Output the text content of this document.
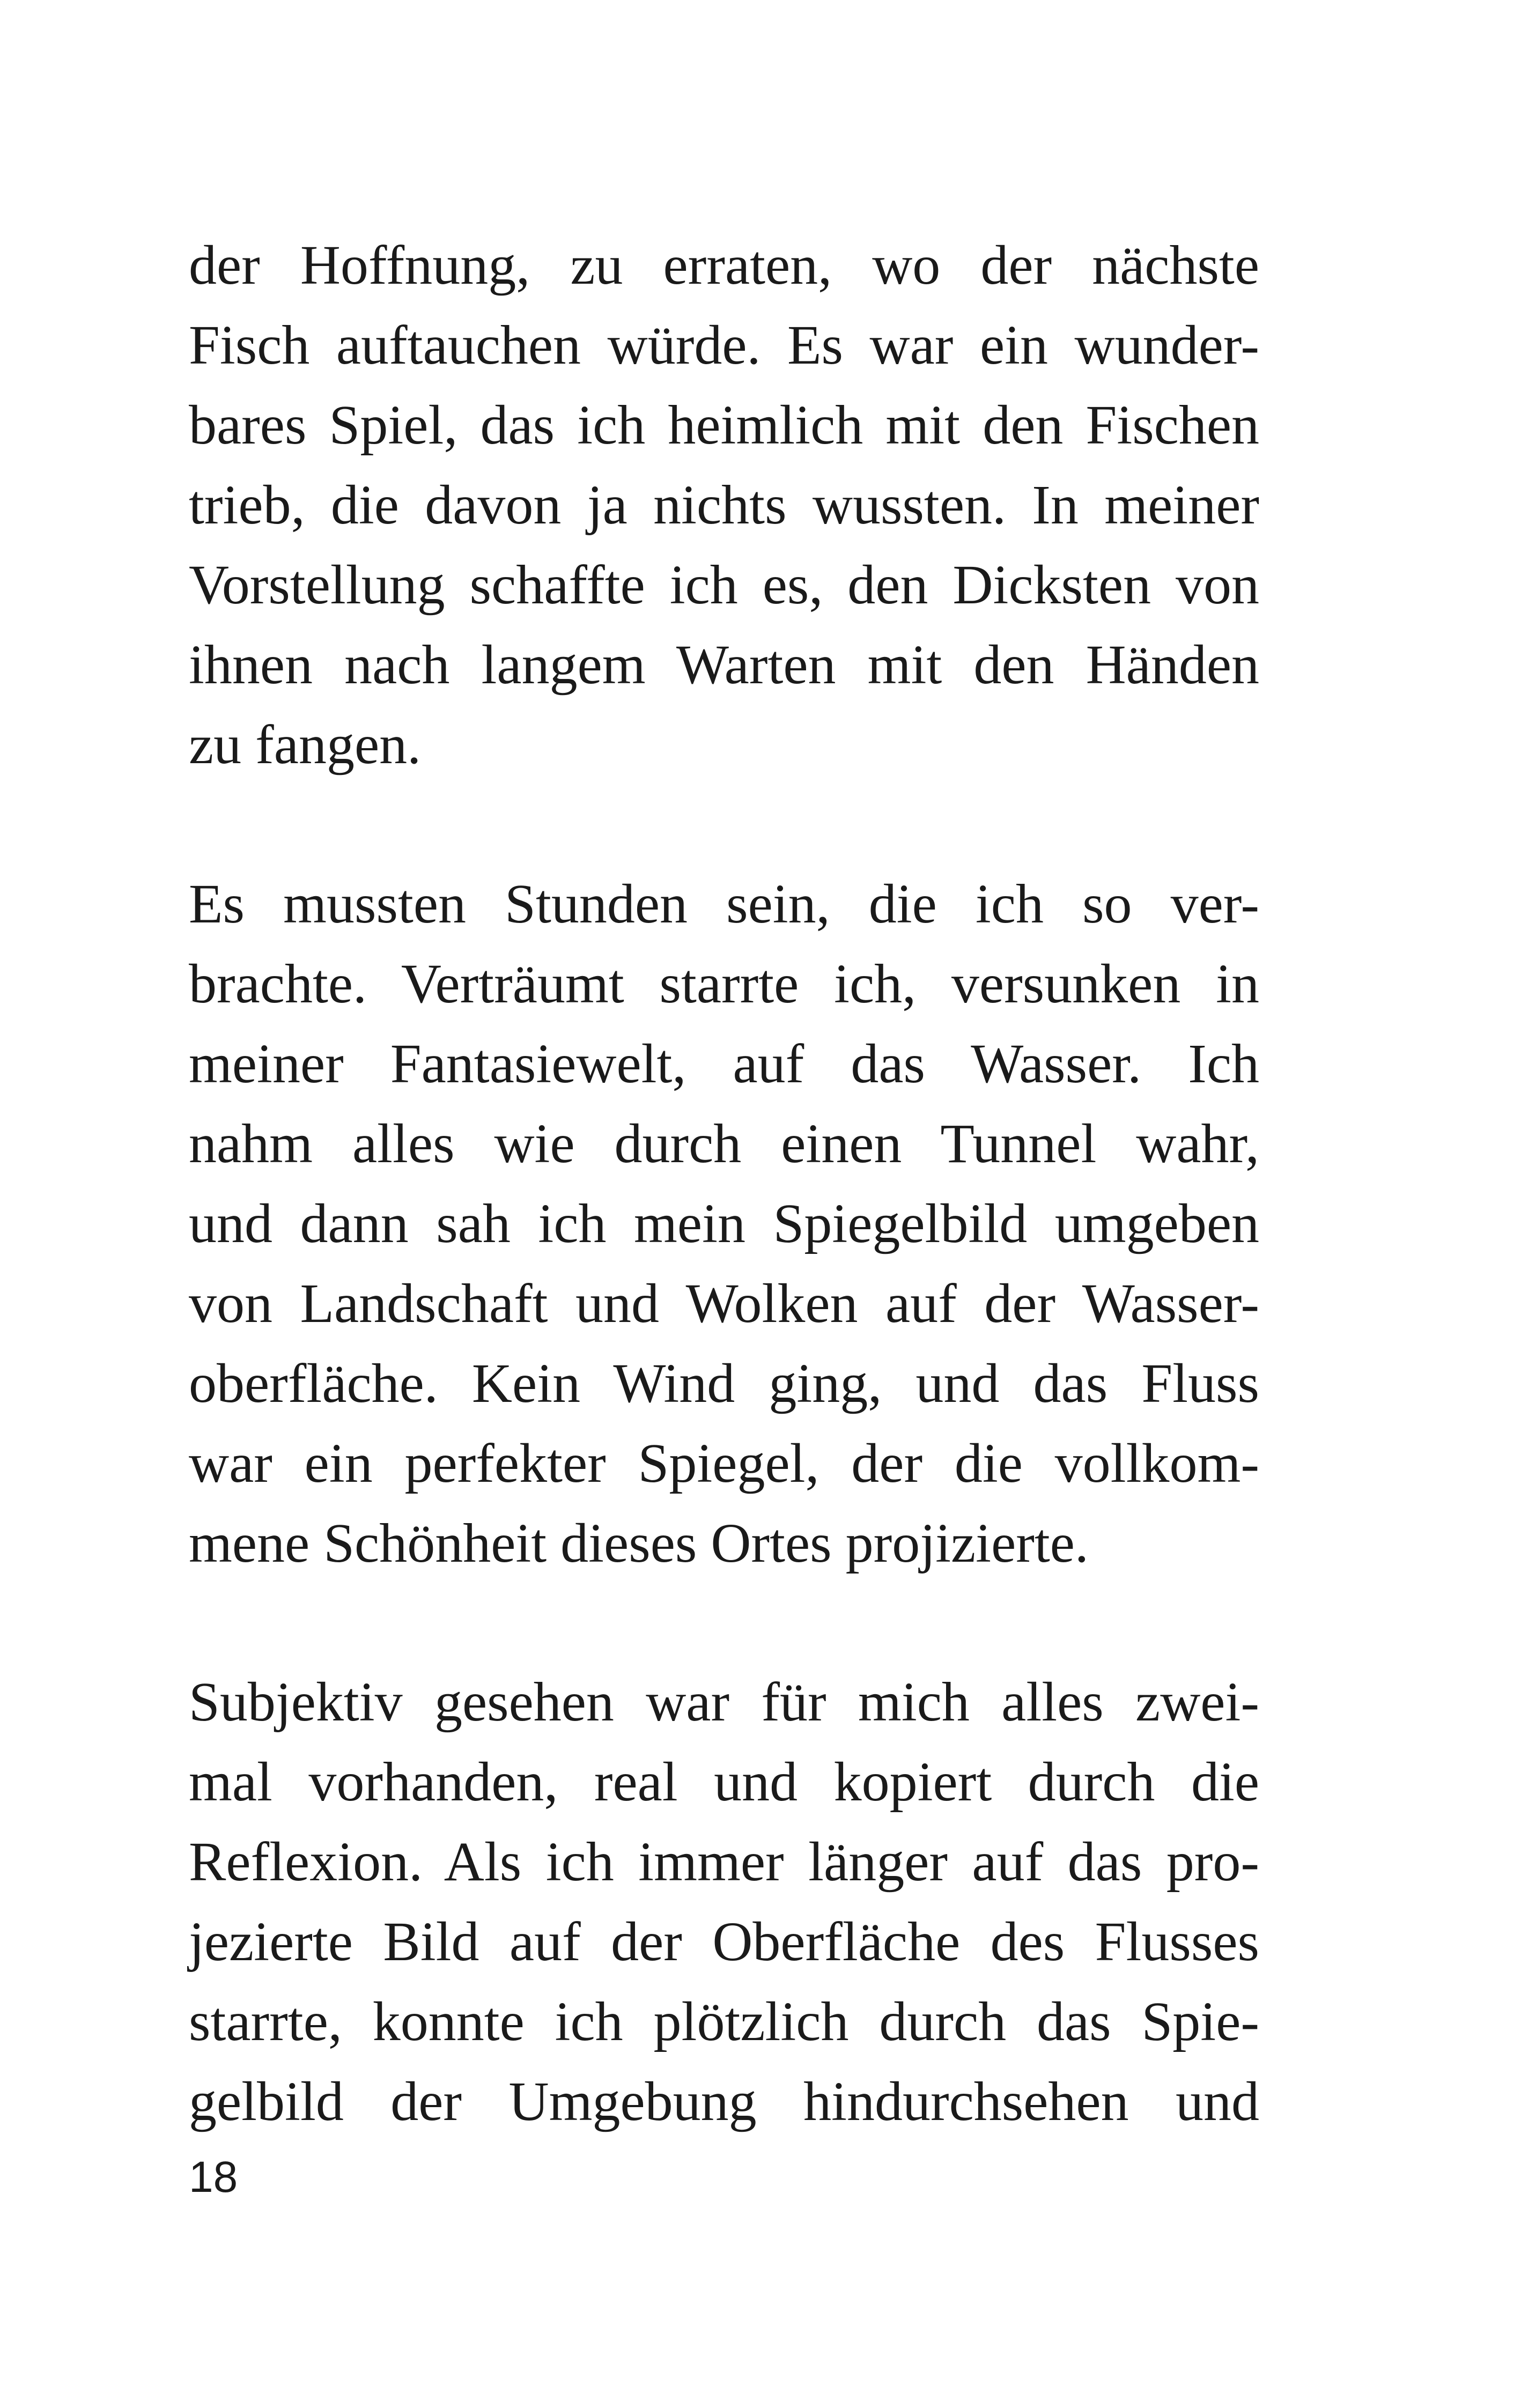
der Hoffnung, zu erraten, wo der nächste
Fisch auftauchen würde. Es war ein wunder-
bares Spiel, das ich heimlich mit den Fischen
trieb, die davon ja nichts wussten. In meiner
Vorstellung schaffte ich es, den Dicksten von
ihnen nach langem Warten mit den Händen
zu fangen.
Es mussten Stunden sein, die ich so ver-
brachte. Verträumt starrte ich, versunken in
meiner Fantasiewelt, auf das Wasser. Ich
nahm alles wie durch einen Tunnel wahr,
und dann sah ich mein Spiegelbild umgeben
von Landschaft und Wolken auf der Wasser-
oberfläche. Kein Wind ging, und das Fluss
war ein perfekter Spiegel, der die vollkom-
mene Schönheit dieses Ortes projizierte.
Subjektiv gesehen war für mich alles zwei-
mal vorhanden, real und kopiert durch die
Reflexion. Als ich immer länger auf das pro-
jezierte Bild auf der Oberfläche des Flusses
starrte, konnte ich plötzlich durch das Spie-
gelbild der Umgebung hindurchsehen und
18
